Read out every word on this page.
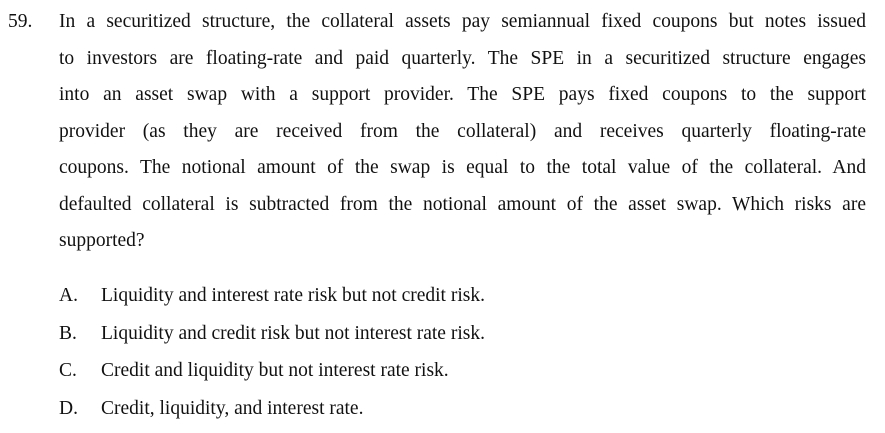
59. In a securitized structure, the collateral assets pay semiannual fixed coupons but notes issued
to investors are floating-rate and paid quarterly. The SPE in a securitized structure engages
into an asset swap with a support provider. The SPE pays fixed coupons to the support
provider (as they are received from the collateral) and receives quarterly floating-rate
coupons. The notional amount of the swap is equal to the total value of the collateral. And
defaulted collateral is subtracted from the notional amount of the asset swap. Which risks are
supported?

A.	Liquidity and interest rate risk but not credit risk.
B.	Liquidity and credit risk but not interest rate risk.
C.	Credit and liquidity but not interest rate risk.
D.	Credit, liquidity, and interest rate.
